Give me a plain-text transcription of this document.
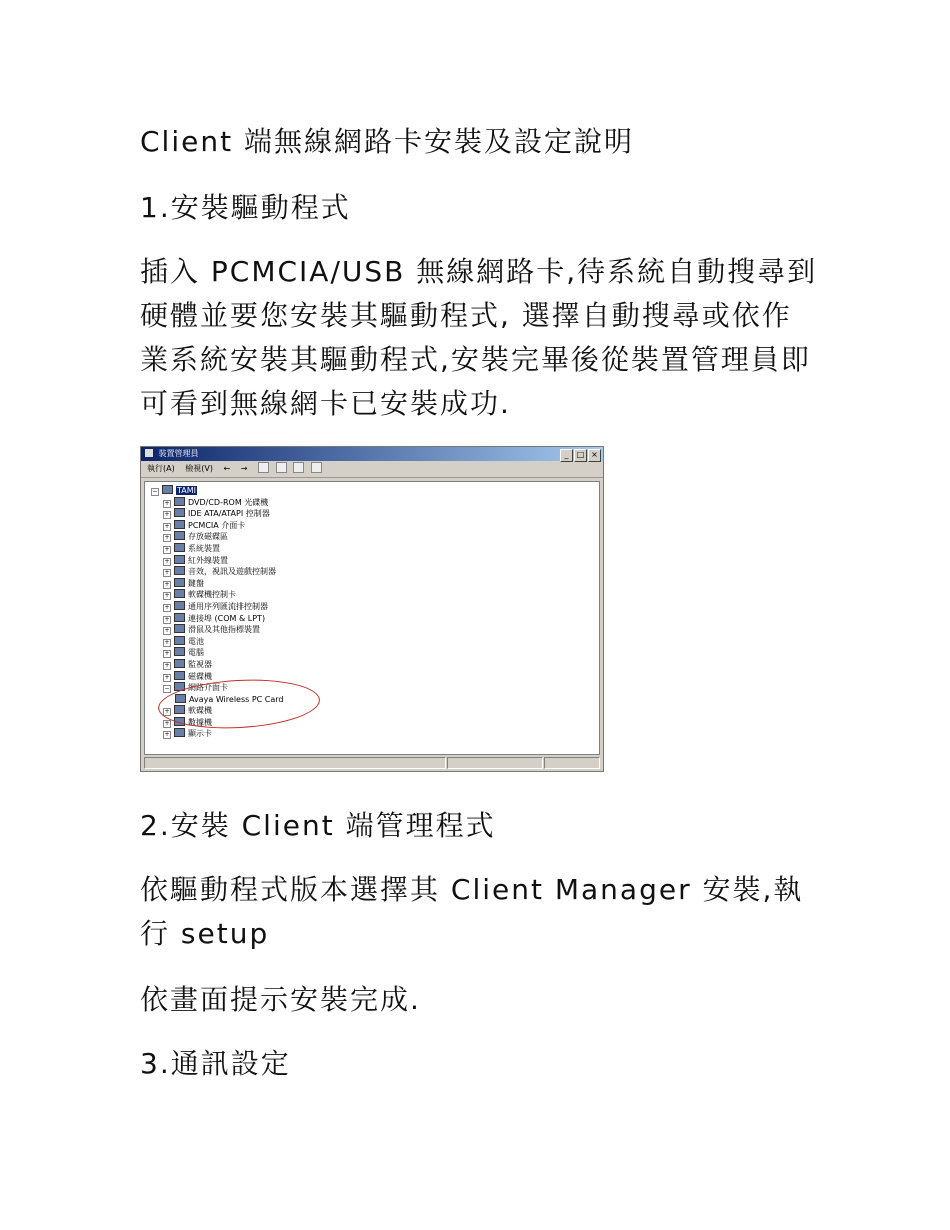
Client 端無線網路卡安裝及設定說明
1.安裝驅動程式
插入 PCMCIA/USB 無線網路卡,待系統自動搜尋到硬體並要您安裝其驅動程式, 選擇自動搜尋或依作業系統安裝其驅動程式,安裝完畢後從裝置管理員即可看到無線網卡已安裝成功.
裝置管理員	_ □ ×
執行(A) 檢視(V) ← →
− TAMI
+ DVD/CD-ROM 光碟機
+ IDE ATA/ATAPI 控制器
+ PCMCIA 介面卡
+ 存放磁碟區
+ 系統裝置
+ 紅外線裝置
+ 音效，視訊及遊戲控制器
+ 鍵盤
+ 軟碟機控制卡
+ 通用序列匯流排控制器
+ 連接埠 (COM & LPT)
+ 滑鼠及其他指標裝置
+ 電池
+ 電腦
+ 監視器
+ 磁碟機
− 網路介面卡
Avaya Wireless PC Card
+ 軟碟機
+ 數據機
+ 顯示卡
2.安裝 Client 端管理程式
依驅動程式版本選擇其 Client Manager 安裝,執行 setup
依畫面提示安裝完成.
3.通訊設定
